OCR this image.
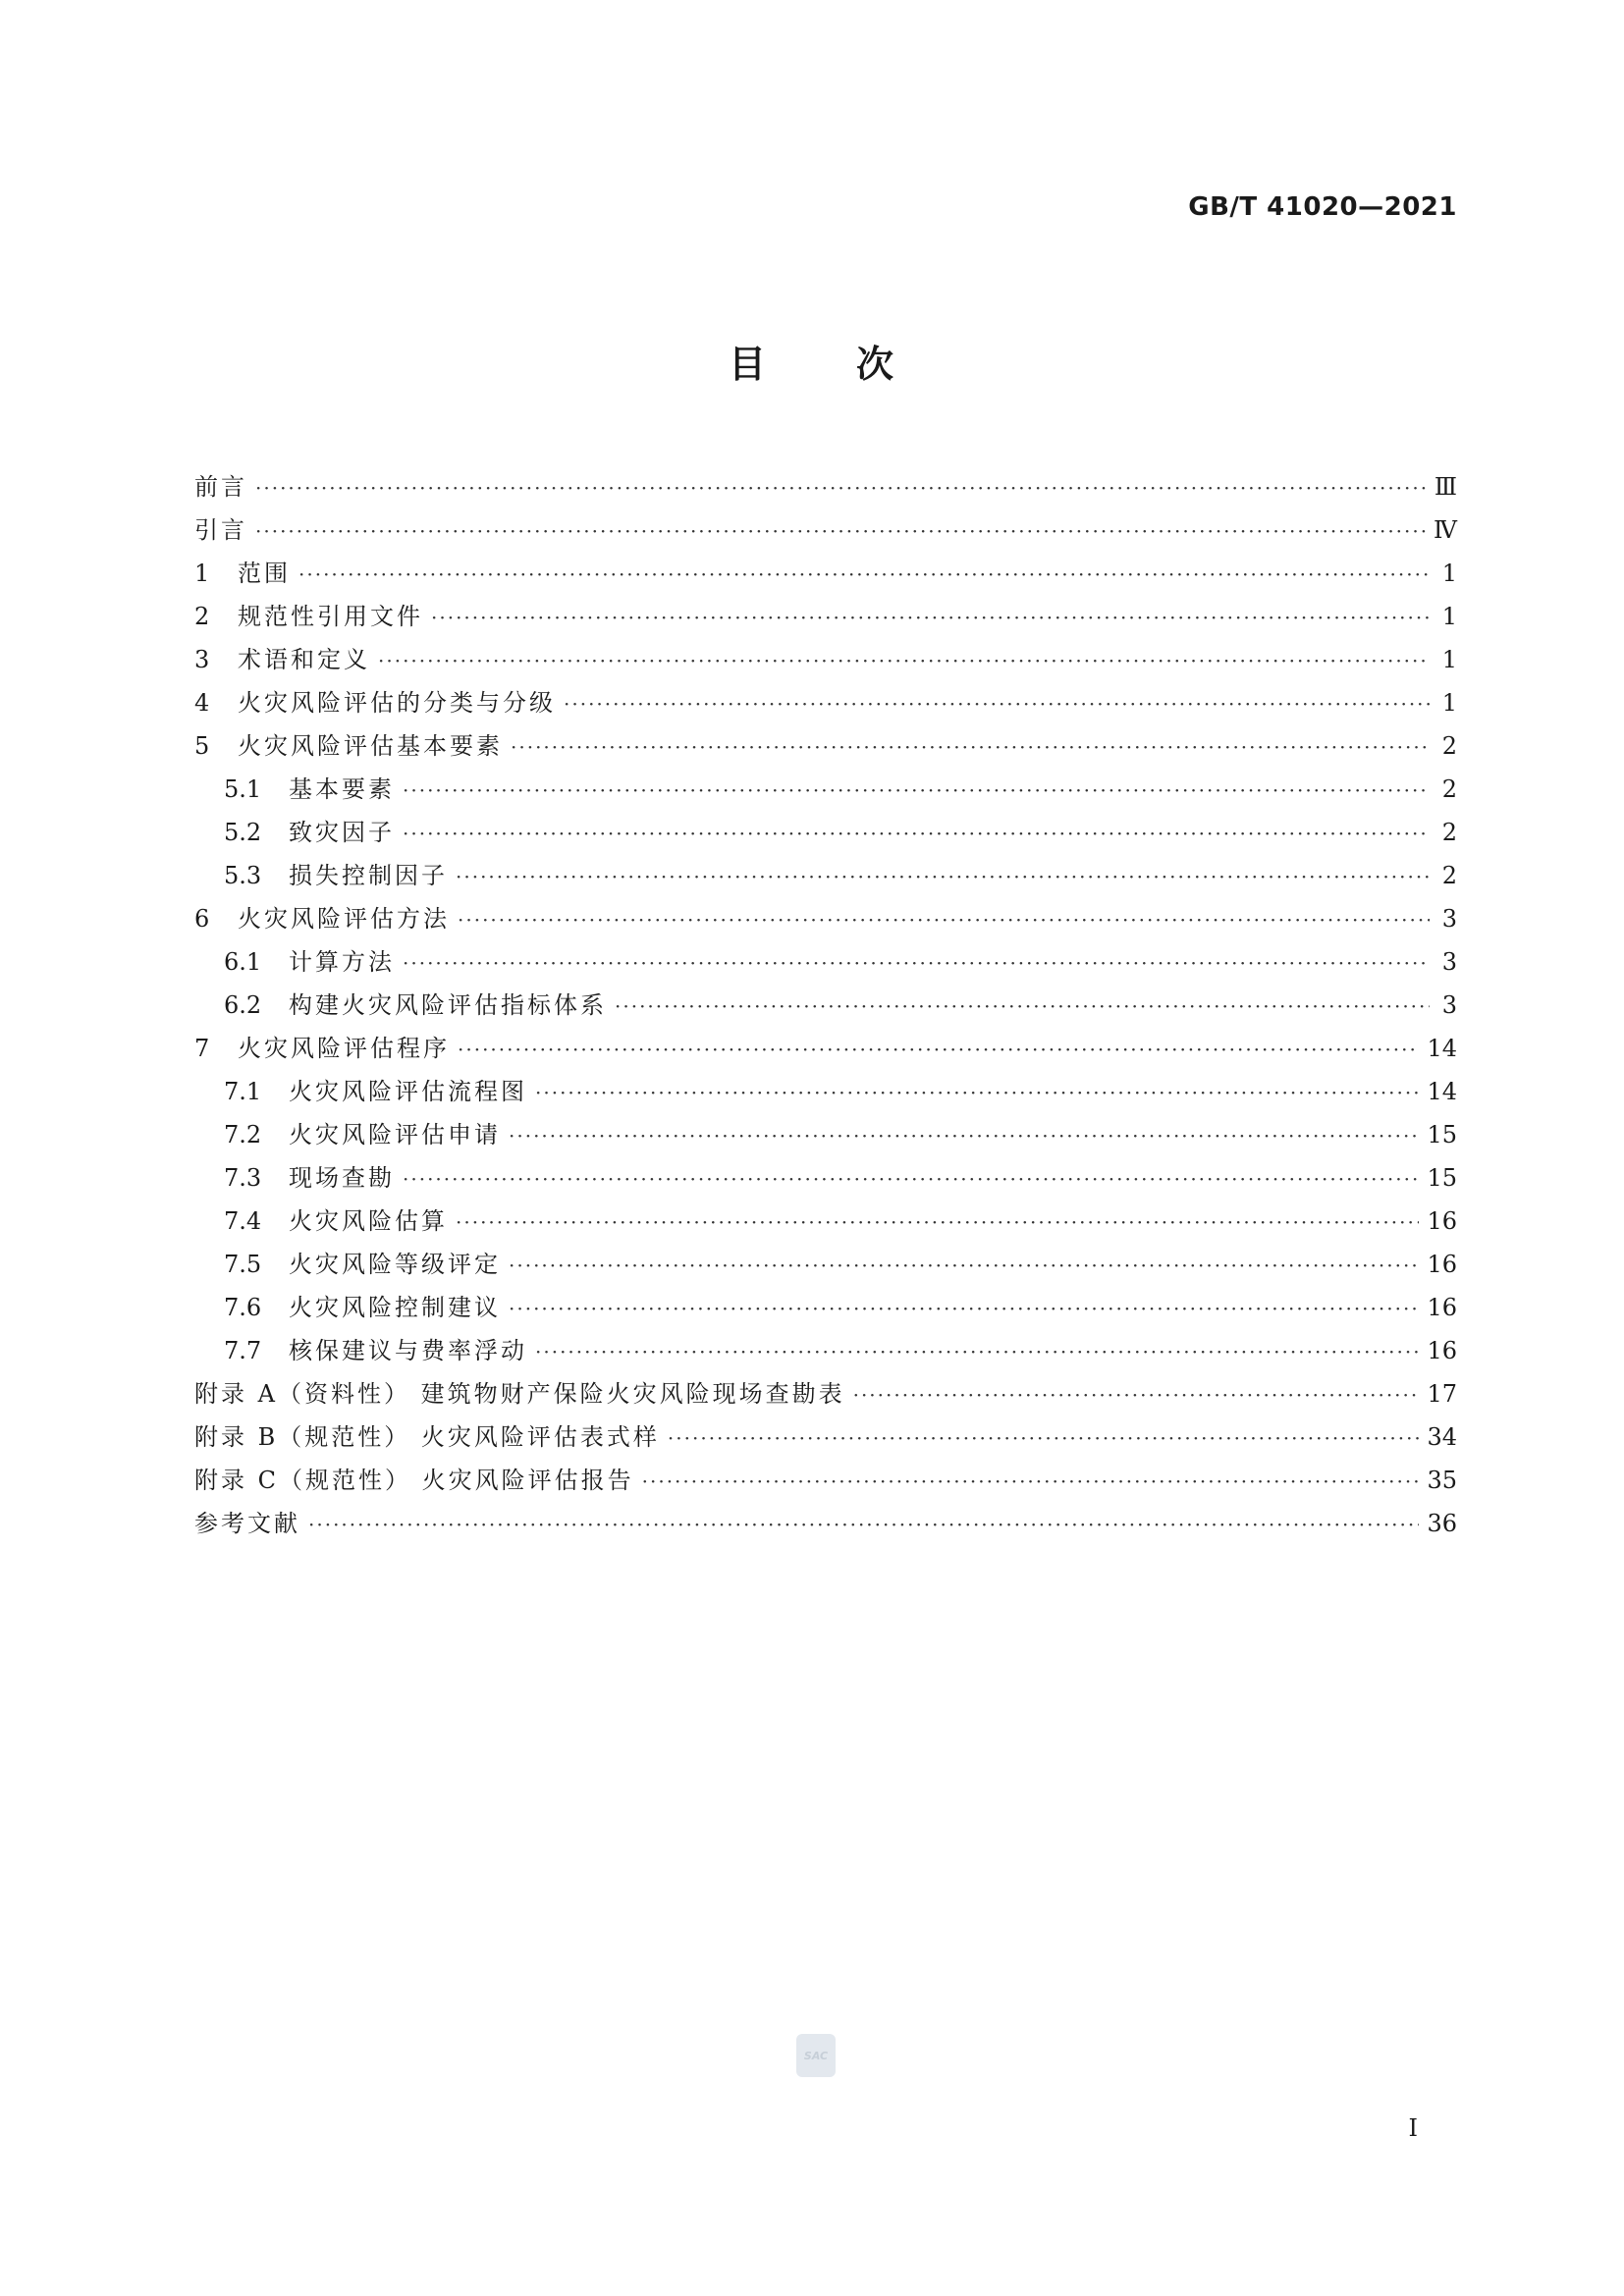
GB/T 41020—2021
目 次
前言 ·····	Ⅲ
引言 ·····	Ⅳ
1	范围 ·····	1
2	规范性引用文件 ·····	1
3	术语和定义 ·····	1
4	火灾风险评估的分类与分级 ·····	1
5	火灾风险评估基本要素 ·····	2
5.1	基本要素 ·····	2
5.2	致灾因子 ·····	2
5.3	损失控制因子 ·····	2
6	火灾风险评估方法 ·····	3
6.1	计算方法 ·····	3
6.2	构建火灾风险评估指标体系 ·····	3
7	火灾风险评估程序 ·····	14
7.1	火灾风险评估流程图 ·····	14
7.2	火灾风险评估申请 ·····	15
7.3	现场查勘 ·····	15
7.4	火灾风险估算 ·····	16
7.5	火灾风险等级评定 ·····	16
7.6	火灾风险控制建议 ·····	16
7.7	核保建议与费率浮动 ·····	16
附录 A（资料性） 建筑物财产保险火灾风险现场查勘表 ·····	17
附录 B（规范性） 火灾风险评估表式样 ·····	34
附录 C（规范性） 火灾风险评估报告 ·····	35
参考文献 ·····	36
SAC
I
